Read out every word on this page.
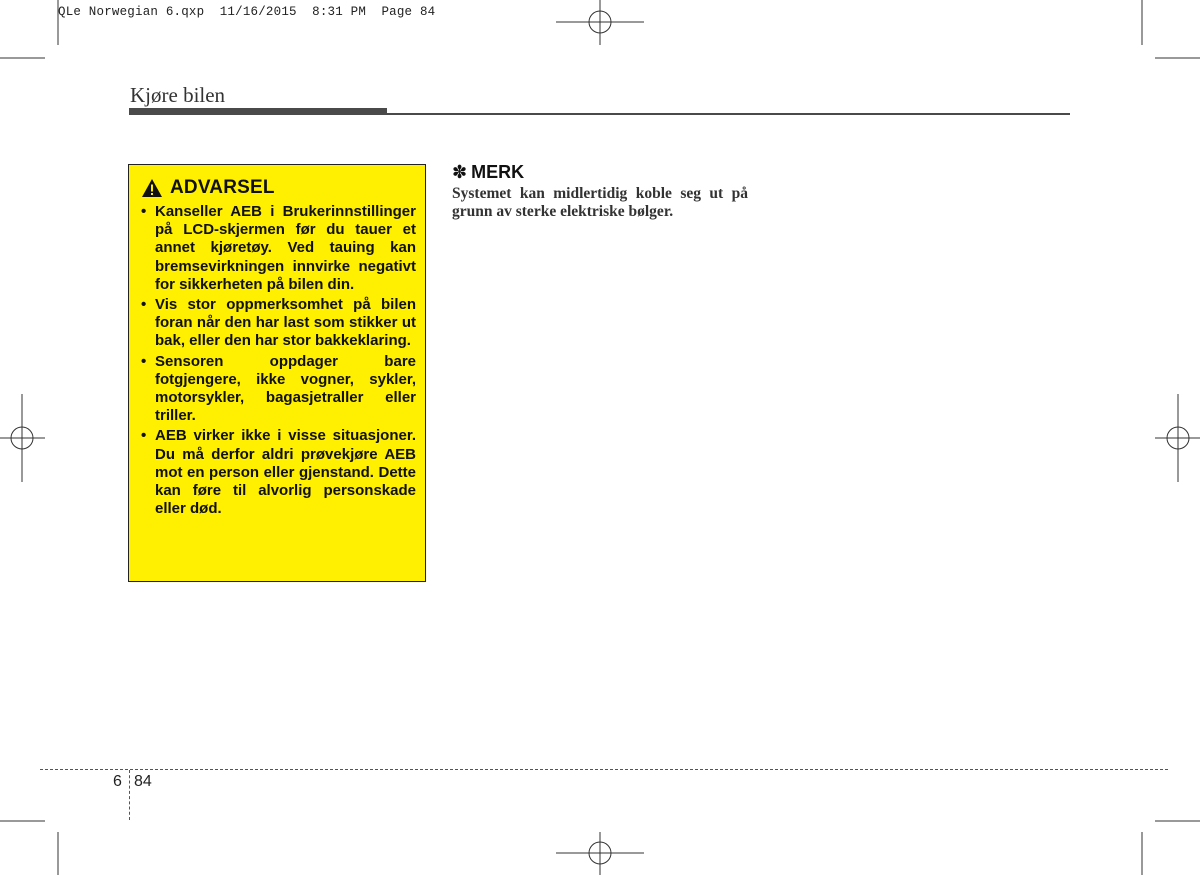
QLe Norwegian 6.qxp  11/16/2015  8:31 PM  Page 84
Kjøre bilen
ADVARSEL
• Kanseller AEB i Brukerinnstillinger på LCD-skjermen før du tauer et annet kjøretøy. Ved tauing kan bremsevirkningen innvirke negativt for sikkerheten på bilen din.
• Vis stor oppmerksomhet på bilen foran når den har last som stikker ut bak, eller den har stor bakkeklaring.
• Sensoren oppdager bare fotgjengere, ikke vogner, sykler, motorsykler, bagasjetraller eller triller.
• AEB virker ikke i visse situasjoner. Du må derfor aldri prøvekjøre AEB mot en person eller gjenstand. Dette kan føre til alvorlig personskade eller død.
✽ MERK
Systemet kan midlertidig koble seg ut på grunn av sterke elektriske bølger.
6 84
